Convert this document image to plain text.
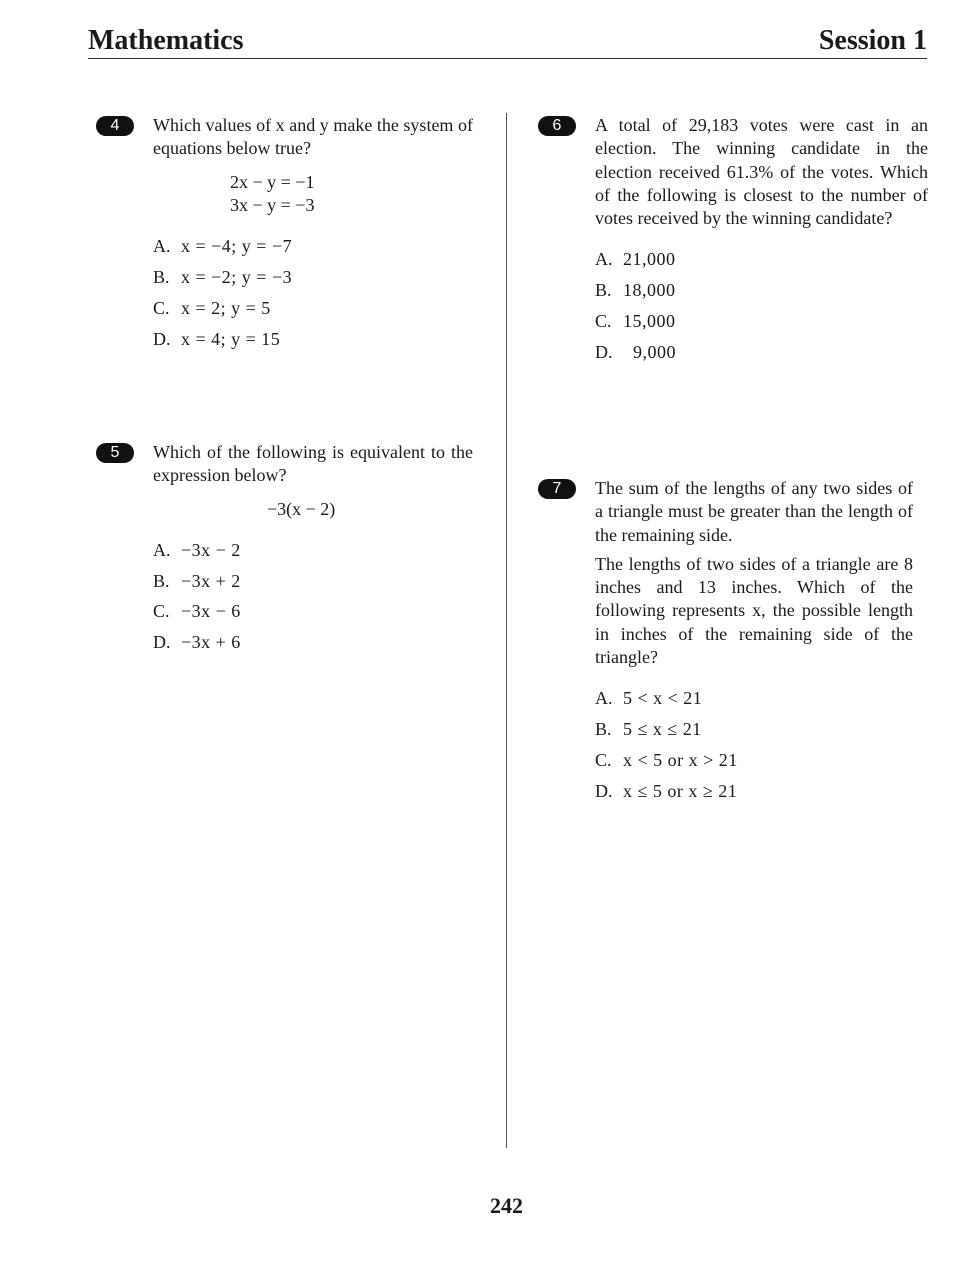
Mathematics	Session 1
4	Which values of x and y make the system of equations below true?

2x − y = −1

3x − y = −3

A. x = −4; y = −7
B. x = −2; y = −3
C. x = 2; y = 5
D. x = 4; y = 15
5	Which of the following is equivalent to the expression below?

−3(x − 2)

A. −3x − 2
B. −3x + 2
C. −3x − 6
D. −3x + 6
6	A total of 29,183 votes were cast in an election. The winning candidate in the election received 61.3% of the votes. Which of the following is closest to the number of votes received by the winning candidate?

A. 21,000
B. 18,000
C. 15,000
D.  9,000
7	The sum of the lengths of any two sides of a triangle must be greater than the length of the remaining side.

The lengths of two sides of a triangle are 8 inches and 13 inches. Which of the following represents x, the possible length in inches of the remaining side of the triangle?

A. 5 < x < 21
B. 5 ≤ x ≤ 21
C. x < 5 or x > 21
D. x ≤ 5 or x ≥ 21
242
